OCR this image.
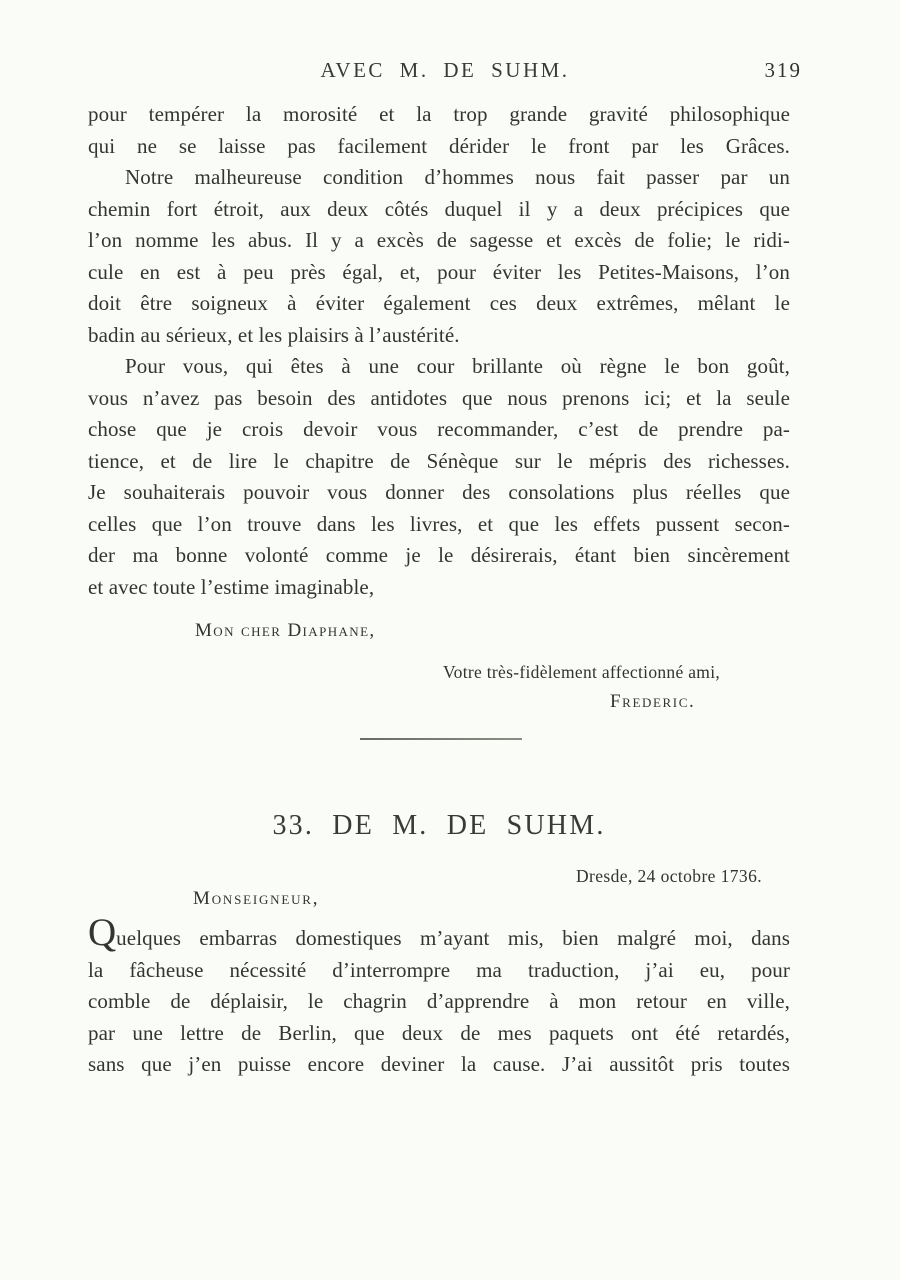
AVEC M. DE SUHM.	319
pour tempérer la morosité et la trop grande gravité philosophique
qui ne se laisse pas facilement dérider le front par les Grâces.
Notre malheureuse condition d’hommes nous fait passer par un
chemin fort étroit, aux deux côtés duquel il y a deux précipices que
l’on nomme les abus. Il y a excès de sagesse et excès de folie; le ridi-
cule en est à peu près égal, et, pour éviter les Petites-Maisons, l’on
doit être soigneux à éviter également ces deux extrêmes, mêlant le
badin au sérieux, et les plaisirs à l’austérité.
Pour vous, qui êtes à une cour brillante où règne le bon goût,
vous n’avez pas besoin des antidotes que nous prenons ici; et la seule
chose que je crois devoir vous recommander, c’est de prendre pa-
tience, et de lire le chapitre de Sénèque sur le mépris des richesses.
Je souhaiterais pouvoir vous donner des consolations plus réelles que
celles que l’on trouve dans les livres, et que les effets pussent secon-
der ma bonne volonté comme je le désirerais, étant bien sincèrement
et avec toute l’estime imaginable,
Mon cher Diaphane,
Votre très-fidèlement affectionné ami,
Frederic.
33. DE M. DE SUHM.
Dresde, 24 octobre 1736.
Monseigneur,
Quelques embarras domestiques m’ayant mis, bien malgré moi, dans
la fâcheuse nécessité d’interrompre ma traduction, j’ai eu, pour
comble de déplaisir, le chagrin d’apprendre à mon retour en ville,
par une lettre de Berlin, que deux de mes paquets ont été retardés,
sans que j’en puisse encore deviner la cause. J’ai aussitôt pris toutes
